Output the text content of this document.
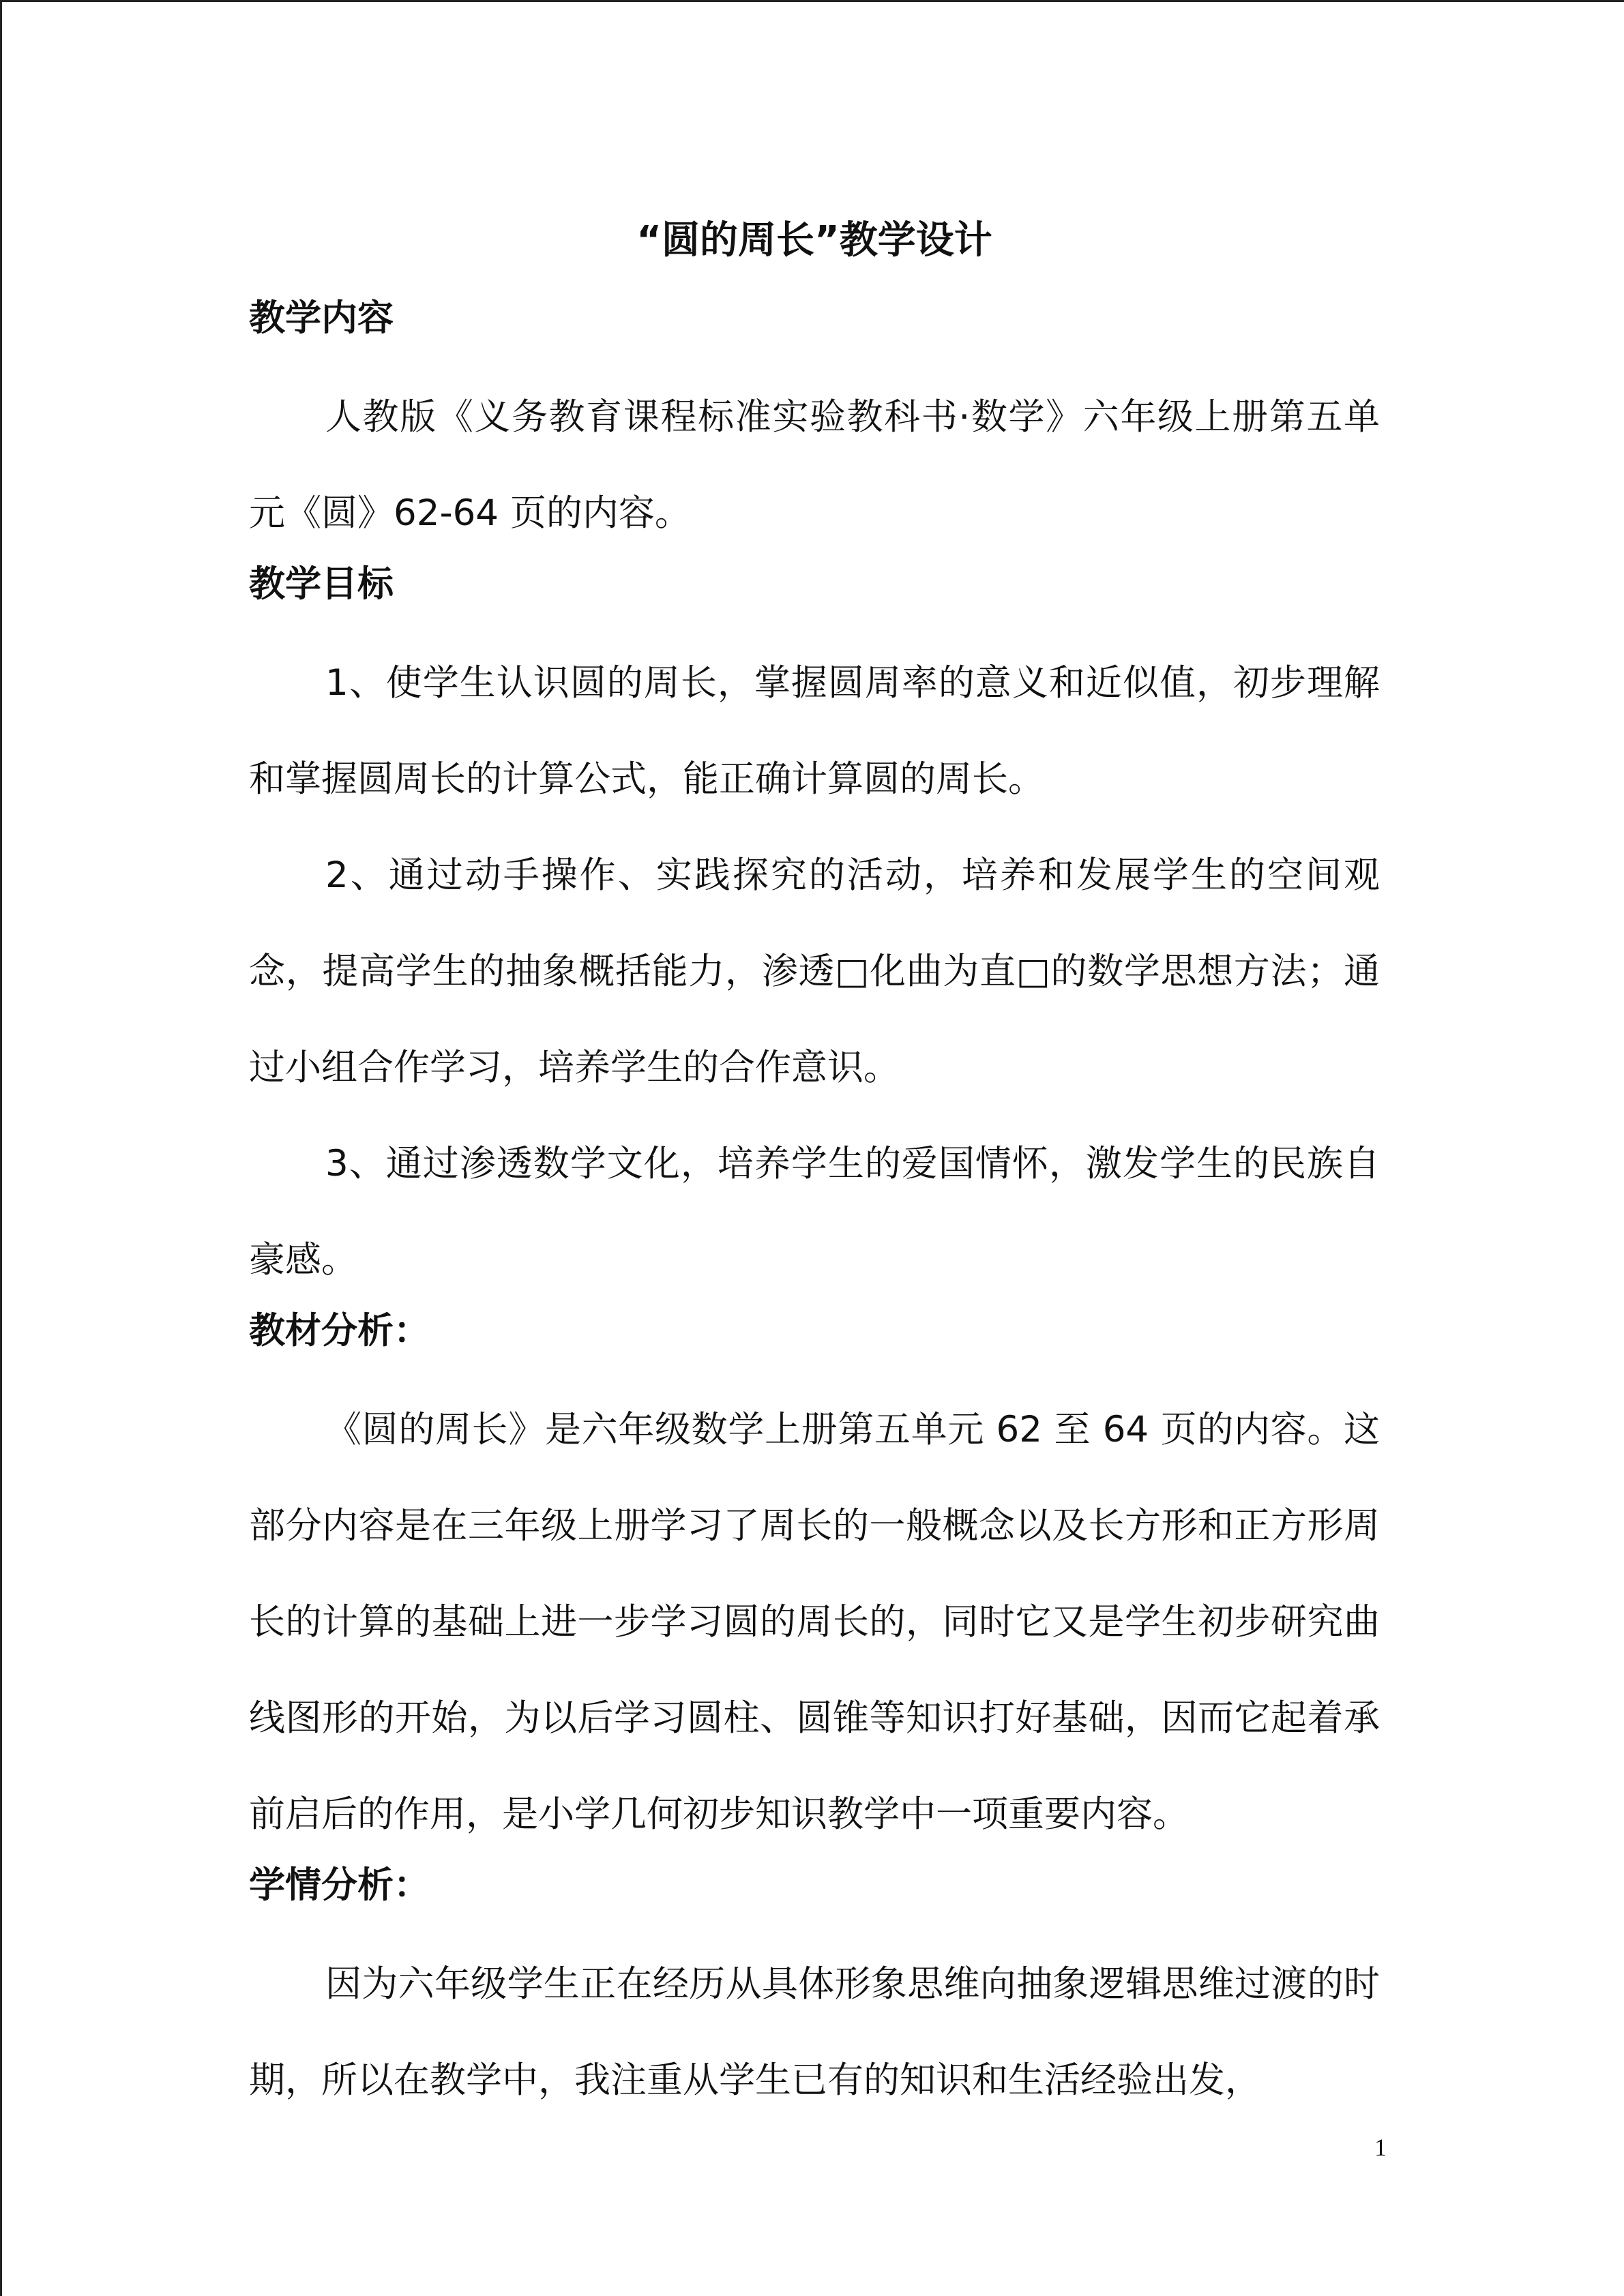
“圆的周长”教学设计
教学内容

人教版《义务教育课程标准实验教科书·数学》六年级上册第五单元《圆》62-64 页的内容。

教学目标

1、使学生认识圆的周长，掌握圆周率的意义和近似值，初步理解和掌握圆周长的计算公式，能正确计算圆的周长。

2、通过动手操作、实践探究的活动，培养和发展学生的空间观念，提高学生的抽象概括能力，渗透□化曲为直□的数学思想方法；通过小组合作学习，培养学生的合作意识。

3、通过渗透数学文化，培养学生的爱国情怀，激发学生的民族自豪感。

教材分析：

《圆的周长》是六年级数学上册第五单元 62 至 64 页的内容。这部分内容是在三年级上册学习了周长的一般概念以及长方形和正方形周长的计算的基础上进一步学习圆的周长的，同时它又是学生初步研究曲线图形的开始，为以后学习圆柱、圆锥等知识打好基础，因而它起着承前启后的作用，是小学几何初步知识教学中一项重要内容。

学情分析：

因为六年级学生正在经历从具体形象思维向抽象逻辑思维过渡的时期，所以在教学中，我注重从学生已有的知识和生活经验出发，

1
